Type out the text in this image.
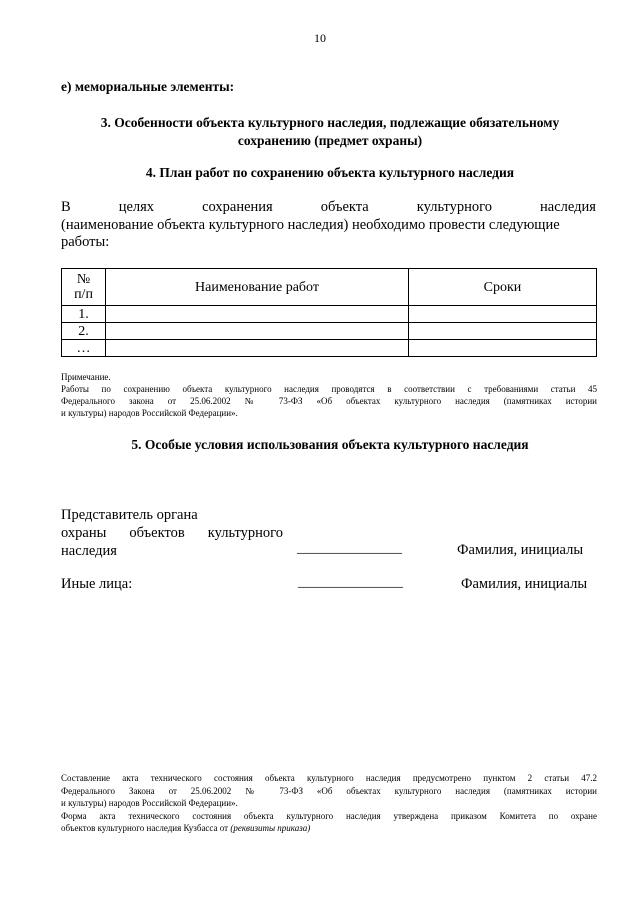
10
е) мемориальные элементы:
3. Особенности объекта культурного наследия, подлежащие обязательному
сохранению (предмет охраны)
4. План работ по сохранению объекта культурного наследия
В	целях	сохранения	объекта	культурного	наследия
(наименование объекта культурного наследия) необходимо провести следующие
работы:
№
п/п	Наименование работ	Сроки
1.		
2.		
…		
Примечание.
Работы по сохранению объекта культурного наследия проводятся в соответствии с требованиями статьи 45
Федерального закона от 25.06.2002 № 73-ФЗ «Об объектах культурного наследия (памятниках истории
и культуры) народов Российской Федерации».
5. Особые условия использования объекта культурного наследия
Представитель органа
охраны объектов культурного
наследия	_______________	Фамилия, инициалы
Иные лица:	_______________	Фамилия, инициалы
Составление акта технического состояния объекта культурного наследия предусмотрено пунктом 2 статьи 47.2
Федерального Закона от 25.06.2002 № 73-ФЗ «Об объектах культурного наследия (памятниках истории
и культуры) народов Российской Федерации».
Форма акта технического состояния объекта культурного наследия утверждена приказом Комитета по охране
объектов культурного наследия Кузбасса от (реквизиты приказа)
